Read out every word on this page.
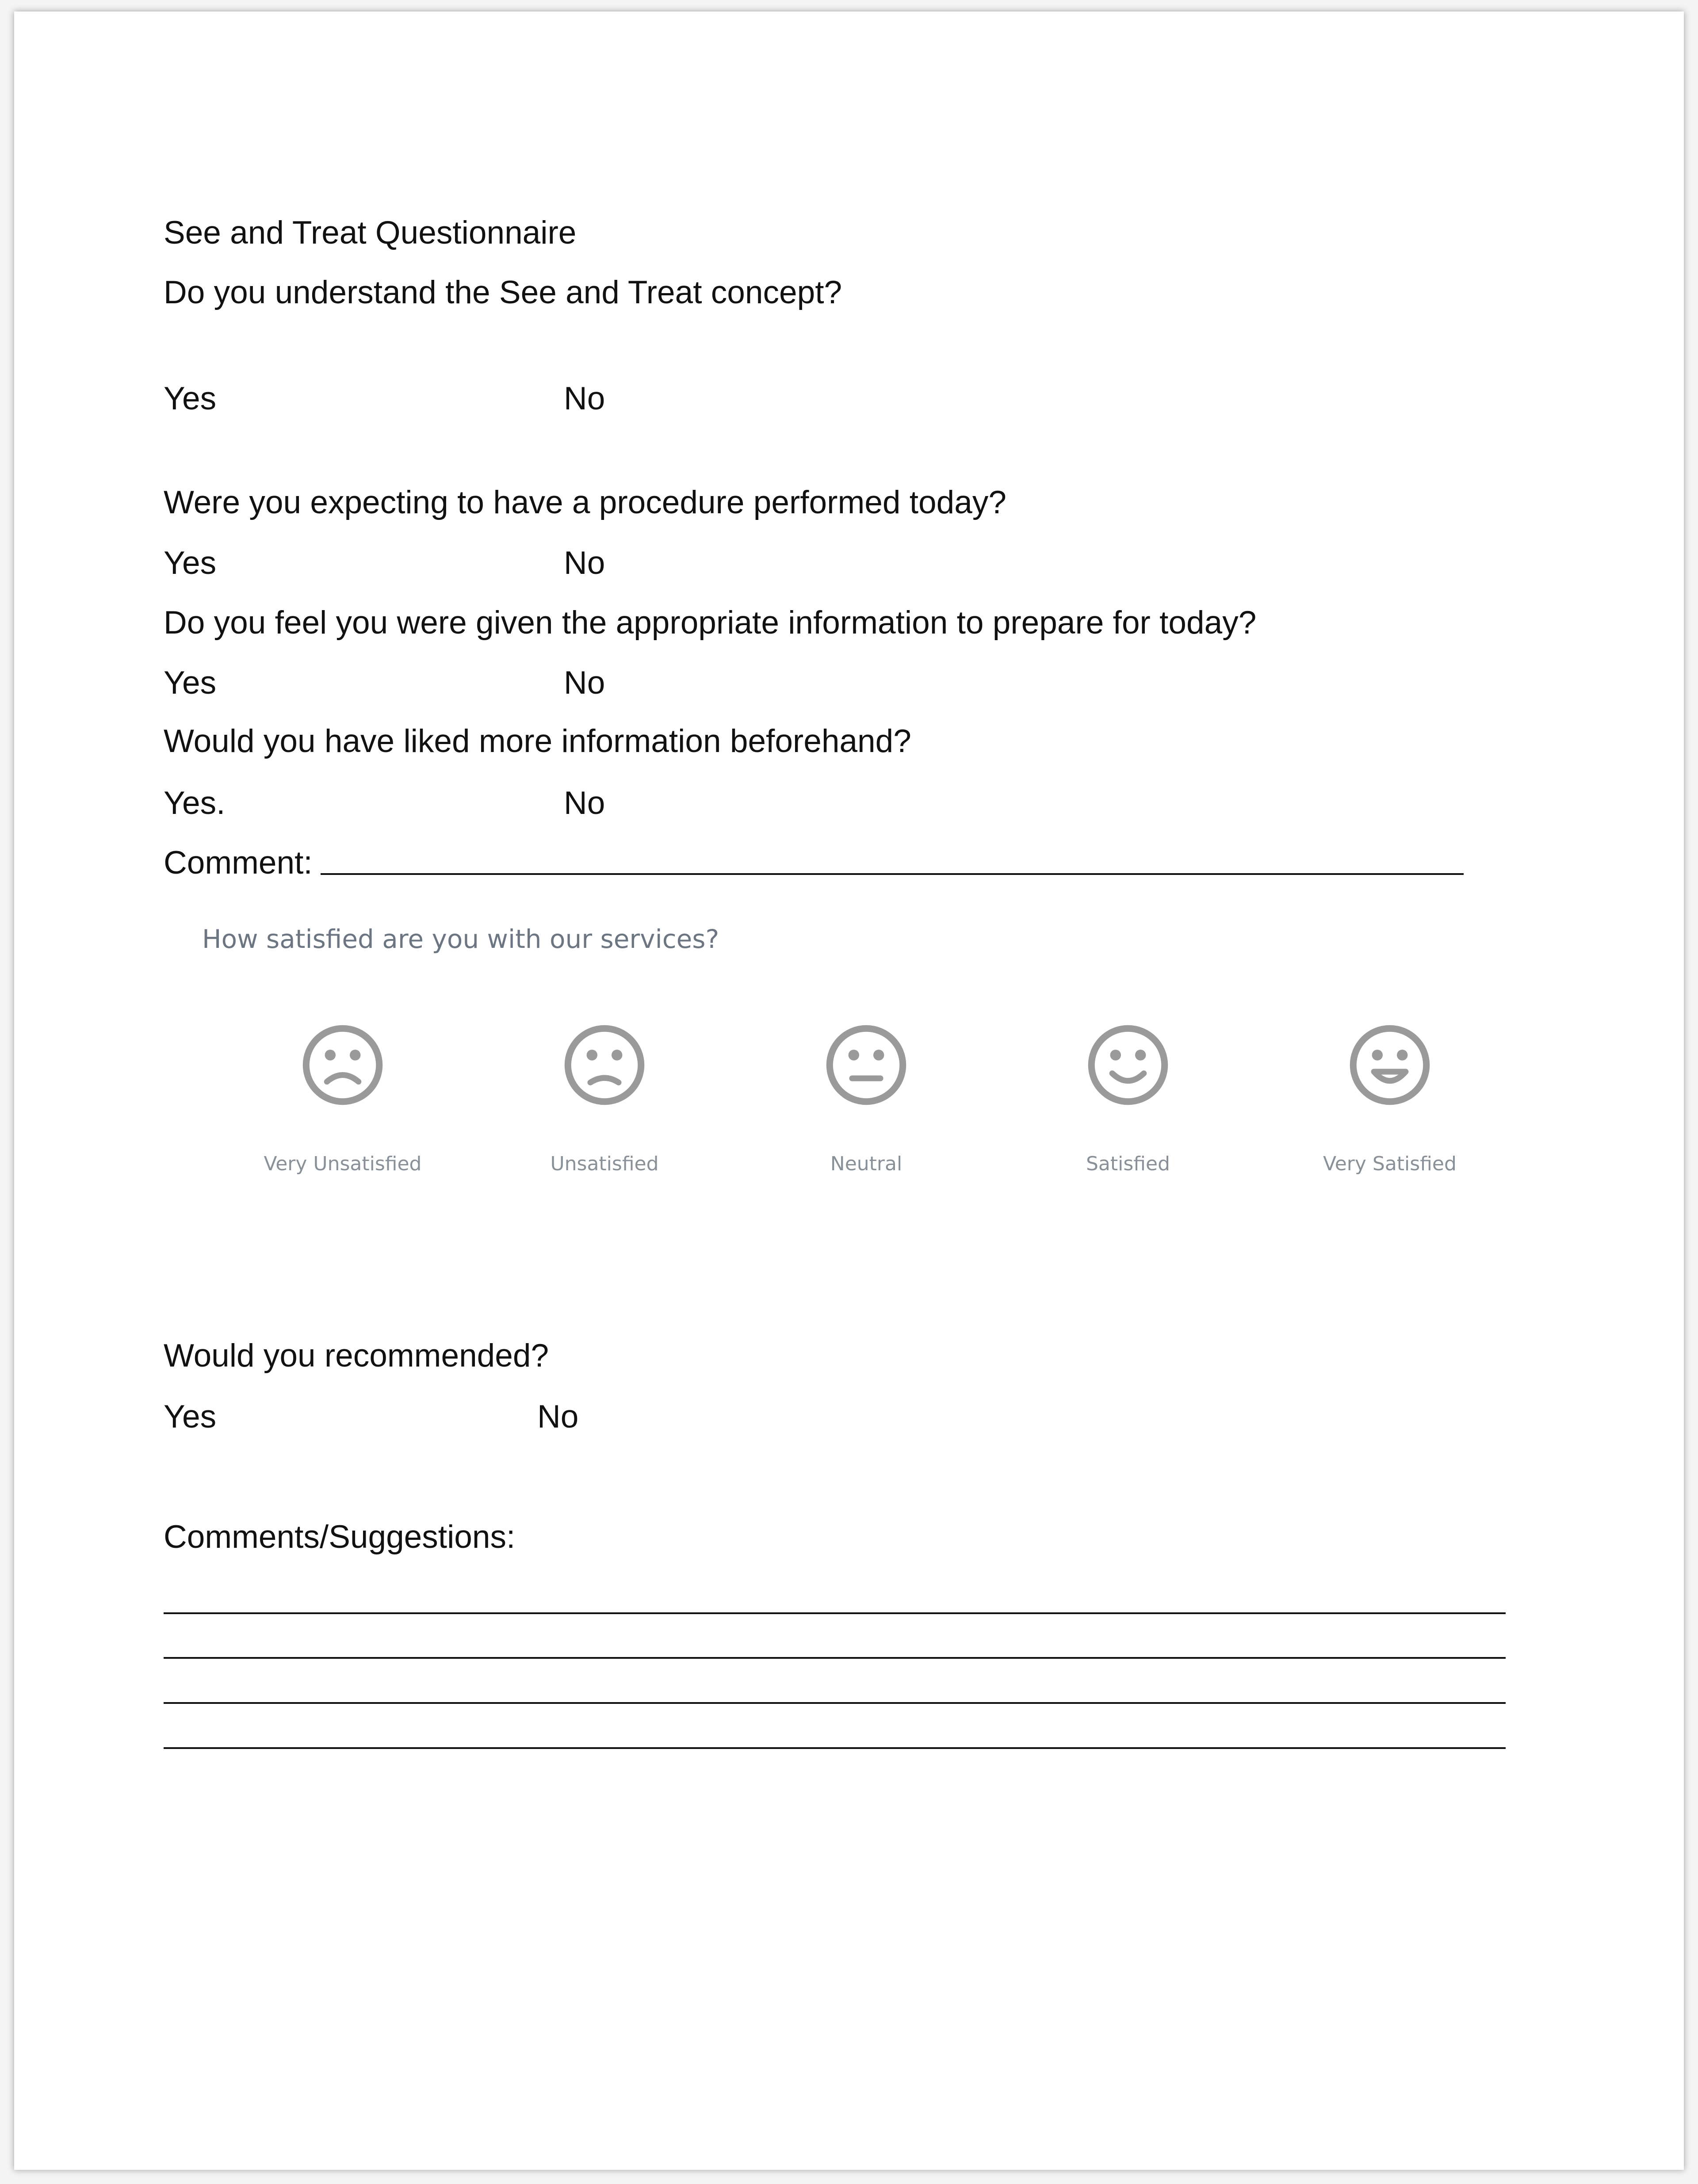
See and Treat Questionnaire
Do you understand the See and Treat concept?
Yes	No
Were you expecting to have a procedure performed today?
Yes	No
Do you feel you were given the appropriate information to prepare for today?
Yes	No
Would you have liked more information beforehand?
Yes.	No
Comment:
How satisfied are you with our services?
Very Unsatisfied	Unsatisfied	Neutral	Satisfied	Very Satisfied
Would you recommended?
Yes	No
Comments/Suggestions:
